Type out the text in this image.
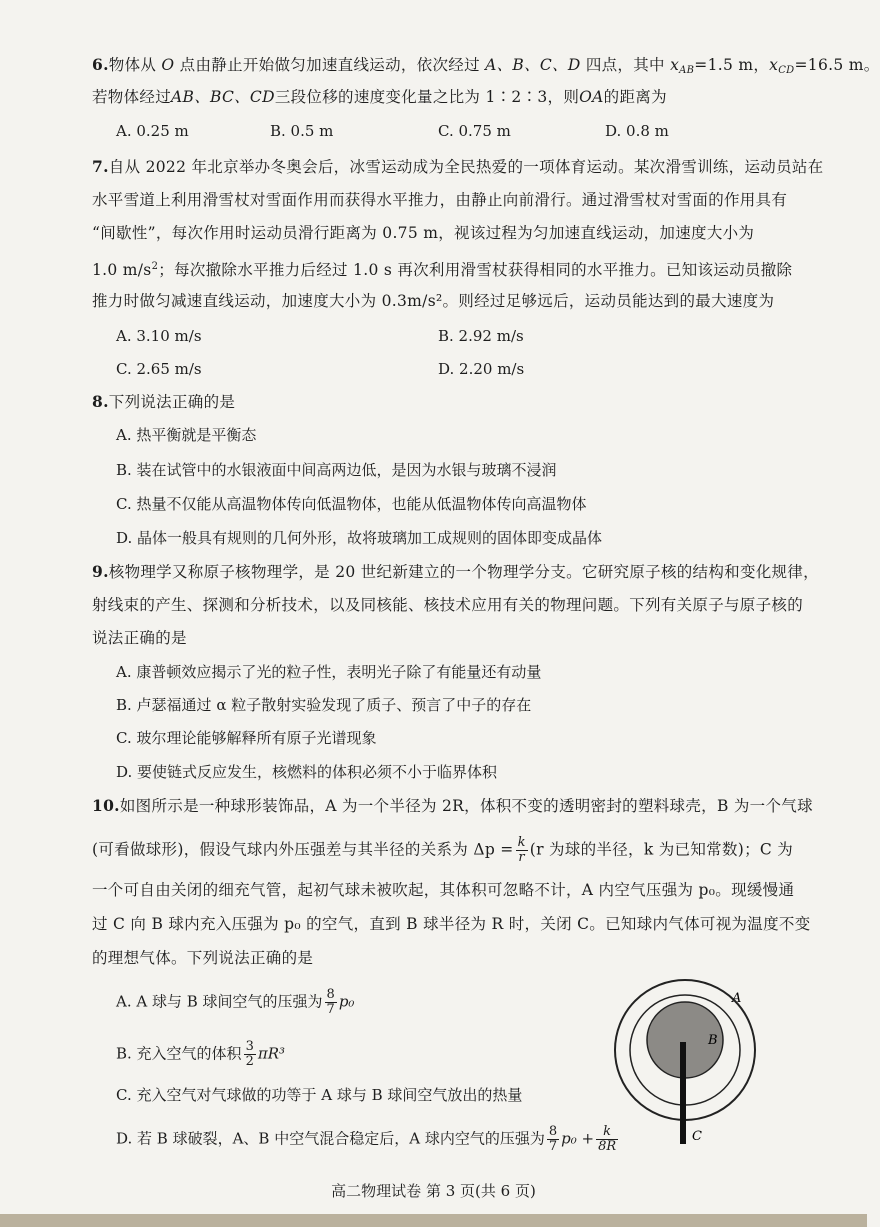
6.物体从 O 点由静止开始做匀加速直线运动，依次经过 A、B、C、D 四点，其中 $x_{AB}=1.5$ m，$x_{CD}=16.5$ m。
若物体经过AB、BC、CD三段位移的速度变化量之比为 1∶2∶3，则OA的距离为
A. 0.25 m	B. 0.5 m	C. 0.75 m	D. 0.8 m
7.自从 2022 年北京举办冬奥会后，冰雪运动成为全民热爱的一项体育运动。某次滑雪训练，运动员站在
水平雪道上利用滑雪杖对雪面作用而获得水平推力，由静止向前滑行。通过滑雪杖对雪面的作用具有
“间歇性”，每次作用时运动员滑行距离为 0.75 m，视该过程为匀加速直线运动，加速度大小为
1.0 $m/s^2$；每次撤除水平推力后经过 1.0 s 再次利用滑雪杖获得相同的水平推力。已知该运动员撤除
推力时做匀减速直线运动，加速度大小为 0.3m/s²。则经过足够远后，运动员能达到的最大速度为
A. 3.10 m/s	B. 2.92 m/s
C. 2.65 m/s	D. 2.20 m/s
8.下列说法正确的是
A. 热平衡就是平衡态
B. 装在试管中的水银液面中间高两边低，是因为水银与玻璃不浸润
C. 热量不仅能从高温物体传向低温物体，也能从低温物体传向高温物体
D. 晶体一般具有规则的几何外形，故将玻璃加工成规则的固体即变成晶体
9.核物理学又称原子核物理学，是 20 世纪新建立的一个物理学分支。它研究原子核的结构和变化规律，
射线束的产生、探测和分析技术，以及同核能、核技术应用有关的物理问题。下列有关原子与原子核的
说法正确的是
A. 康普顿效应揭示了光的粒子性，表明光子除了有能量还有动量
B. 卢瑟福通过 α 粒子散射实验发现了质子、预言了中子的存在
C. 玻尔理论能够解释所有原子光谱现象
D. 要使链式反应发生，核燃料的体积必须不小于临界体积
10.如图所示是一种球形装饰品，A 为一个半径为 2R，体积不变的透明密封的塑料球壳，B 为一个气球
(可看做球形)，假设气球内外压强差与其半径的关系为 $\Delta p = \frac{k}{r} (r$ 为球的半径，k 为已知常数)；C 为
一个可自由关闭的细充气管，起初气球未被吹起，其体积可忽略不计，A 内空气压强为 p₀。现缓慢通
过 C 向 B 球内充入压强为 p₀ 的空气，直到 B 球半径为 R 时，关闭 C。已知球内气体可视为温度不变
的理想气体。下列说法正确的是
A. A 球与 B 球间空气的压强为 $\frac{8}{7} p_0$
B. 充入空气的体积 $\frac{3}{2} \pi R^3$
C. 充入空气对气球做的功等于 A 球与 B 球间空气放出的热量
D. 若 B 球破裂，A、B 中空气混合稳定后，A 球内空气的压强为 $\frac{8}{7} p_0 + \frac{k}{8R}$
A
B
C
高二物理试卷 第 3 页(共 6 页)
